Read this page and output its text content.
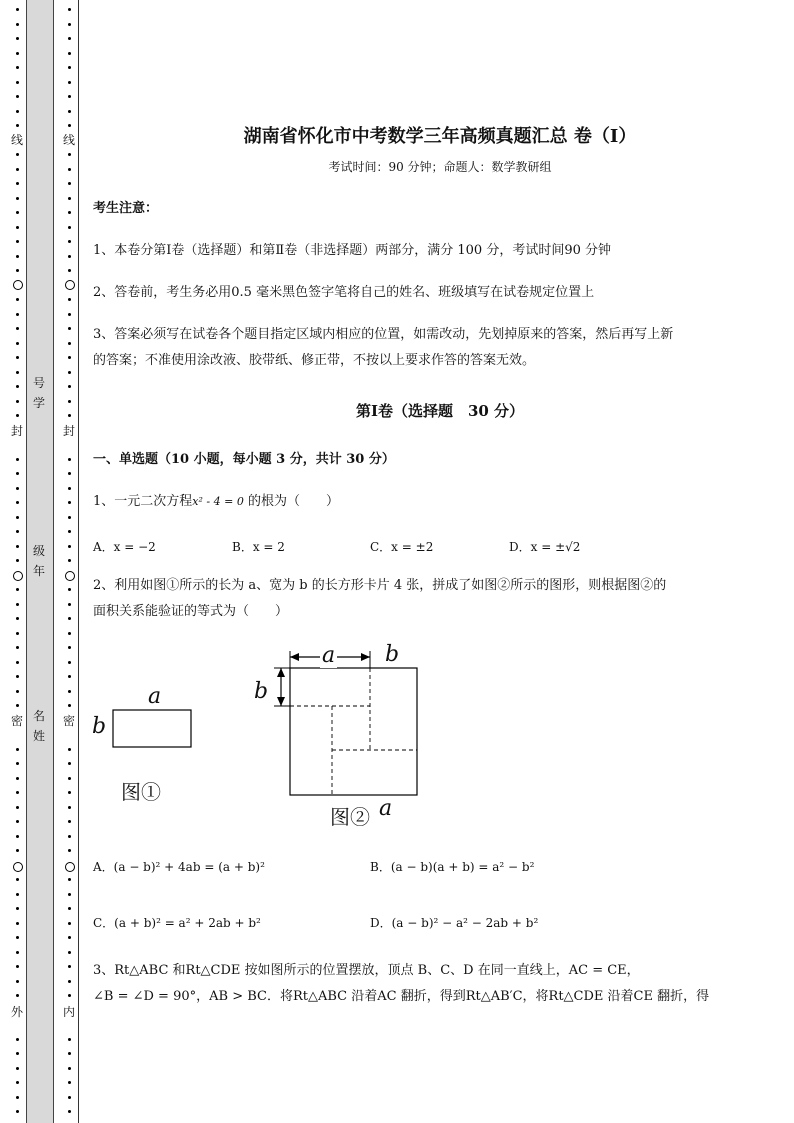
线
封
密
外
线
封
密
内
号
学
级
年
名
姓
湖南省怀化市中考数学三年高频真题汇总 卷（Ⅰ）
考试时间：90 分钟；命题人：数学教研组
考生注意：
1、本卷分第Ⅰ卷（选择题）和第Ⅱ卷（非选择题）两部分，满分 100 分，考试时间90 分钟
2、答卷前，考生务必用0.5 毫米黑色签字笔将自己的姓名、班级填写在试卷规定位置上
3、答案必须写在试卷各个题目指定区域内相应的位置，如需改动，先划掉原来的答案，然后再写上新
的答案；不准使用涂改液、胶带纸、修正带，不按以上要求作答的答案无效。
第Ⅰ卷（选择题　30 分）
一、单选题（10 小题，每小题 3 分，共计 30 分）
1、一元二次方程x² - 4 = 0 的根为（　　）
A．x = −2	B．x = 2	C．x = ±2	D．x = ±√2
2、利用如图①所示的长为 a、宽为 b 的长方形卡片 4 张，拼成了如图②所示的图形，则根据图②的
面积关系能验证的等式为（　　）
a
b
图①
a b
b
图② a
A．(a − b)² + 4ab = (a + b)²	B．(a − b)(a + b) = a² − b²
C．(a + b)² = a² + 2ab + b²	D．(a − b)² − a² − 2ab + b²
3、Rt△ABC 和Rt△CDE 按如图所示的位置摆放，顶点 B、C、D 在同一直线上，AC = CE，
∠B = ∠D = 90°，AB > BC．将Rt△ABC 沿着AC 翻折，得到Rt△AB′C，将Rt△CDE 沿着CE 翻折，得
